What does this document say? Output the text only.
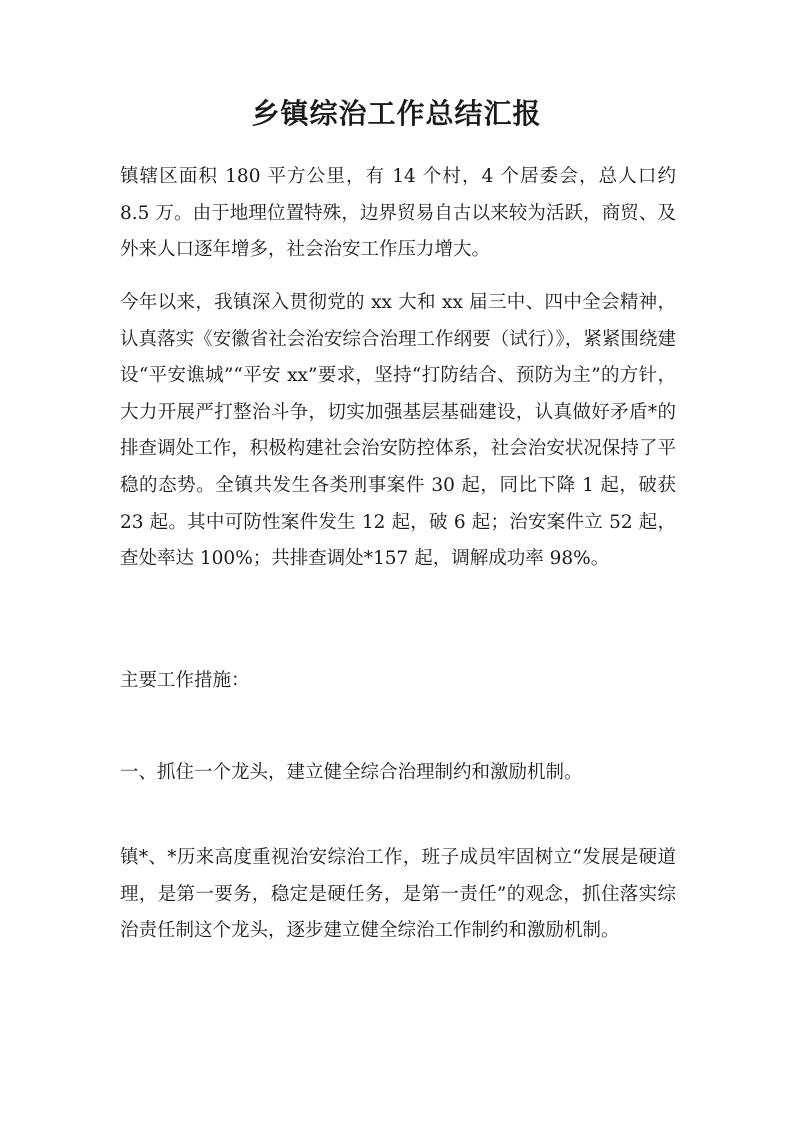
乡镇综治工作总结汇报

镇辖区面积 180 平方公里，有 14 个村，4 个居委会，总人口约 8.5 万。由于地理位置特殊，边界贸易自古以来较为活跃，商贸、及外来人口逐年增多，社会治安工作压力增大。

今年以来，我镇深入贯彻党的 xx 大和 xx 届三中、四中全会精神，认真落实《安徽省社会治安综合治理工作纲要（试行）》，紧紧围绕建设“平安谯城”“平安 xx”要求，坚持“打防结合、预防为主”的方针，大力开展严打整治斗争，切实加强基层基础建设，认真做好矛盾*的排查调处工作，积极构建社会治安防控体系，社会治安状况保持了平稳的态势。全镇共发生各类刑事案件 30 起，同比下降 1 起，破获 23 起。其中可防性案件发生 12 起，破 6 起；治安案件立 52 起，查处率达 100%；共排查调处*157 起，调解成功率 98%。

主要工作措施：

一、抓住一个龙头，建立健全综合治理制约和激励机制。

镇*、*历来高度重视治安综治工作，班子成员牢固树立“发展是硬道理，是第一要务，稳定是硬任务，是第一责任”的观念，抓住落实综治责任制这个龙头，逐步建立健全综治工作制约和激励机制。
